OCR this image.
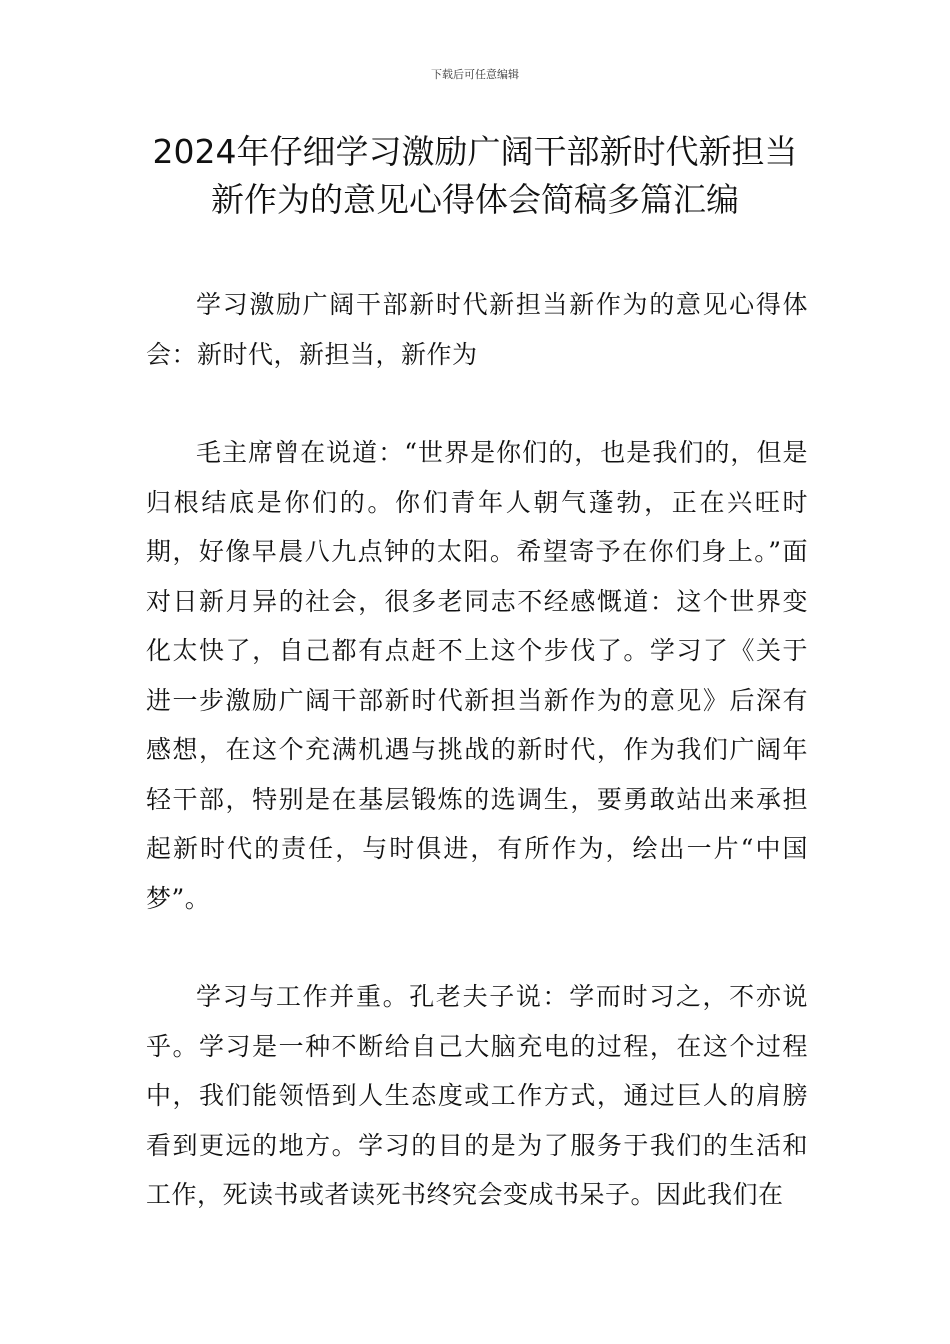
下载后可任意编辑
2024年仔细学习激励广阔干部新时代新担当新作为的意见心得体会简稿多篇汇编

学习激励广阔干部新时代新担当新作为的意见心得体会：新时代，新担当，新作为

毛主席曾在说道：“世界是你们的，也是我们的，但是归根结底是你们的。你们青年人朝气蓬勃，正在兴旺时期，好像早晨八九点钟的太阳。希望寄予在你们身上。”面对日新月异的社会，很多老同志不经感慨道：这个世界变化太快了，自己都有点赶不上这个步伐了。学习了《关于进一步激励广阔干部新时代新担当新作为的意见》后深有感想，在这个充满机遇与挑战的新时代，作为我们广阔年轻干部，特别是在基层锻炼的选调生，要勇敢站出来承担起新时代的责任，与时俱进，有所作为，绘出一片“中国梦”。

学习与工作并重。孔老夫子说：学而时习之，不亦说乎。学习是一种不断给自己大脑充电的过程，在这个过程中，我们能领悟到人生态度或工作方式，通过巨人的肩膀看到更远的地方。学习的目的是为了服务于我们的生活和工作，死读书或者读死书终究会变成书呆子。因此我们在
